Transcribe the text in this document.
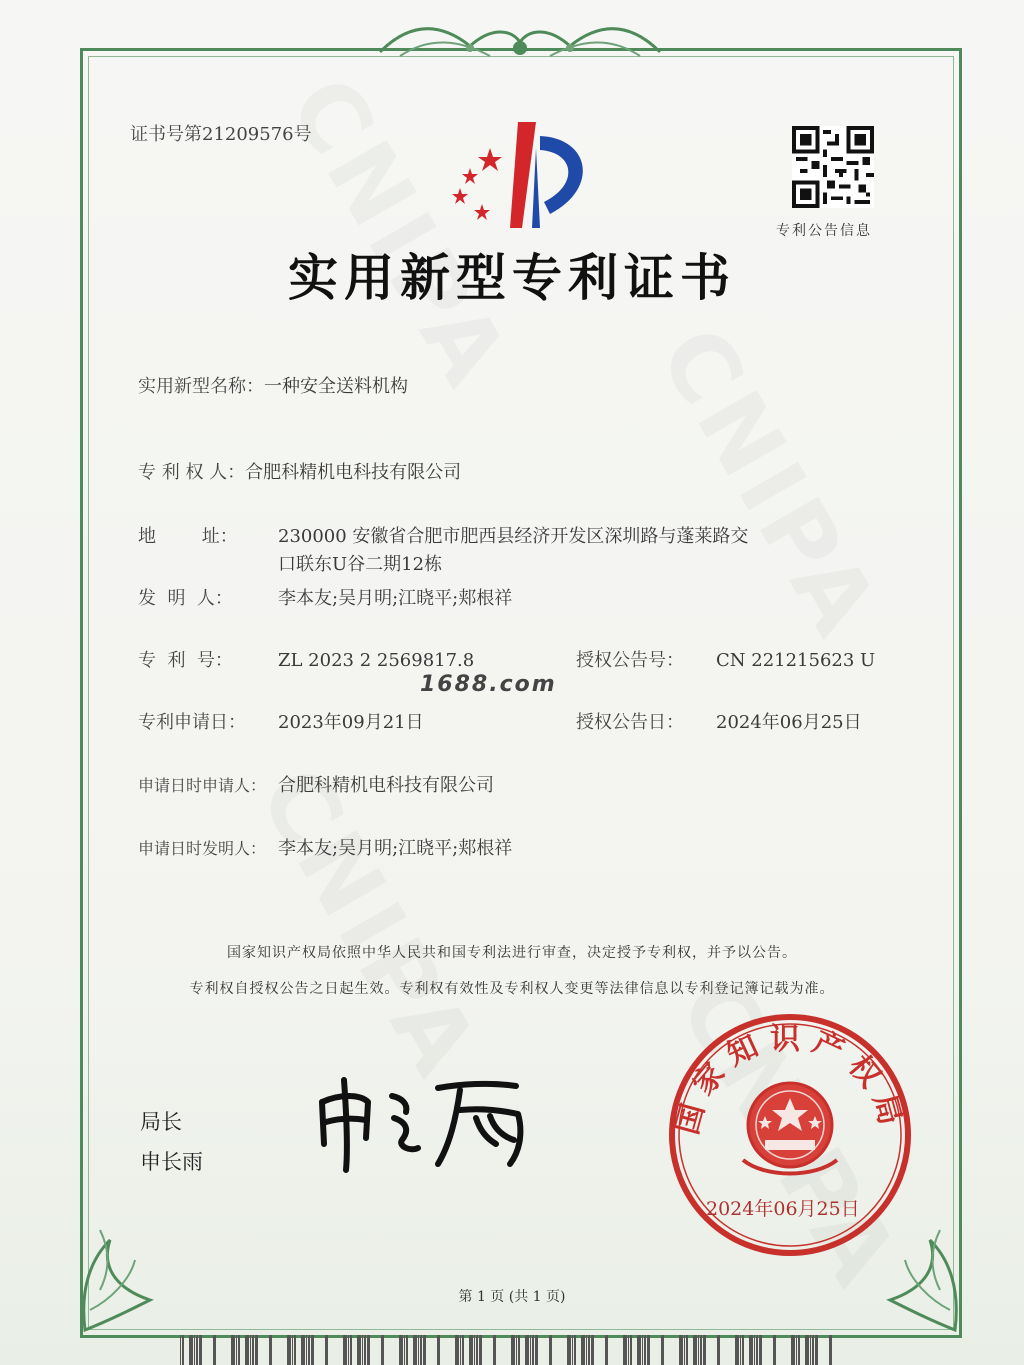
证书号第21209576号
专利公告信息
实用新型专利证书
实用新型名称：一种安全送料机构
专 利 权 人：合肥科精机电科技有限公司
地        址： 230000 安徽省合肥市肥西县经济开发区深圳路与蓬莱路交
口联东U谷二期12栋
发  明  人：	李本友;吴月明;江晓平;郏根祥
专  利  号：	ZL 2023 2 2569817.8	授权公告号： CN 221215623 U
专利申请日： 2023年09月21日	授权公告日： 2024年06月25日
申请日时申请人： 合肥科精机电科技有限公司
申请日时发明人： 李本友;吴月明;江晓平;郏根祥
1688.com
国家知识产权局依照中华人民共和国专利法进行审查，决定授予专利权，并予以公告。
专利权自授权公告之日起生效。专利权有效性及专利权人变更等法律信息以专利登记簿记载为准。
局长
申长雨
国家知识产权局
2024年06月25日
第 1 页 (共 1 页)
